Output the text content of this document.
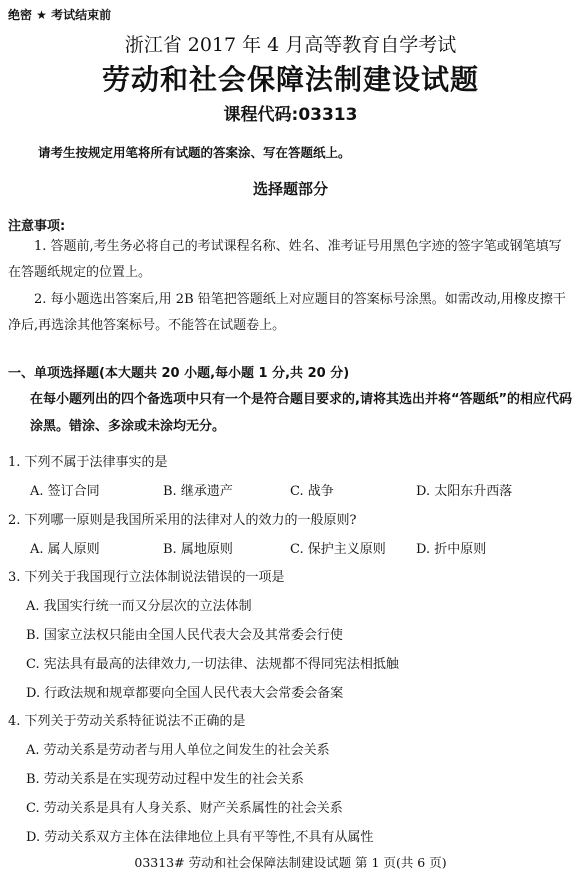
绝密 ★ 考试结束前
浙江省 2017 年 4 月高等教育自学考试
劳动和社会保障法制建设试题
课程代码:03313
请考生按规定用笔将所有试题的答案涂、写在答题纸上。
选择题部分
注意事项:
1. 答题前,考生务必将自己的考试课程名称、姓名、准考证号用黑色字迹的签字笔或钢笔填写在答题纸规定的位置上。
2. 每小题选出答案后,用 2B 铅笔把答题纸上对应题目的答案标号涂黑。如需改动,用橡皮擦干净后,再选涂其他答案标号。不能答在试题卷上。
一、单项选择题(本大题共 20 小题,每小题 1 分,共 20 分)
在每小题列出的四个备选项中只有一个是符合题目要求的,请将其选出并将“答题纸”的相应代码涂黑。错涂、多涂或未涂均无分。
1. 下列不属于法律事实的是
A. 签订合同	B. 继承遗产	C. 战争	D. 太阳东升西落
2. 下列哪一原则是我国所采用的法律对人的效力的一般原则?
A. 属人原则	B. 属地原则	C. 保护主义原则 D. 折中原则
3. 下列关于我国现行立法体制说法错误的一项是
A. 我国实行统一而又分层次的立法体制
B. 国家立法权只能由全国人民代表大会及其常委会行使
C. 宪法具有最高的法律效力,一切法律、法规都不得同宪法相抵触
D. 行政法规和规章都要向全国人民代表大会常委会备案
4. 下列关于劳动关系特征说法不正确的是
A. 劳动关系是劳动者与用人单位之间发生的社会关系
B. 劳动关系是在实现劳动过程中发生的社会关系
C. 劳动关系是具有人身关系、财产关系属性的社会关系
D. 劳动关系双方主体在法律地位上具有平等性,不具有从属性
03313# 劳动和社会保障法制建设试题 第 1 页(共 6 页)
